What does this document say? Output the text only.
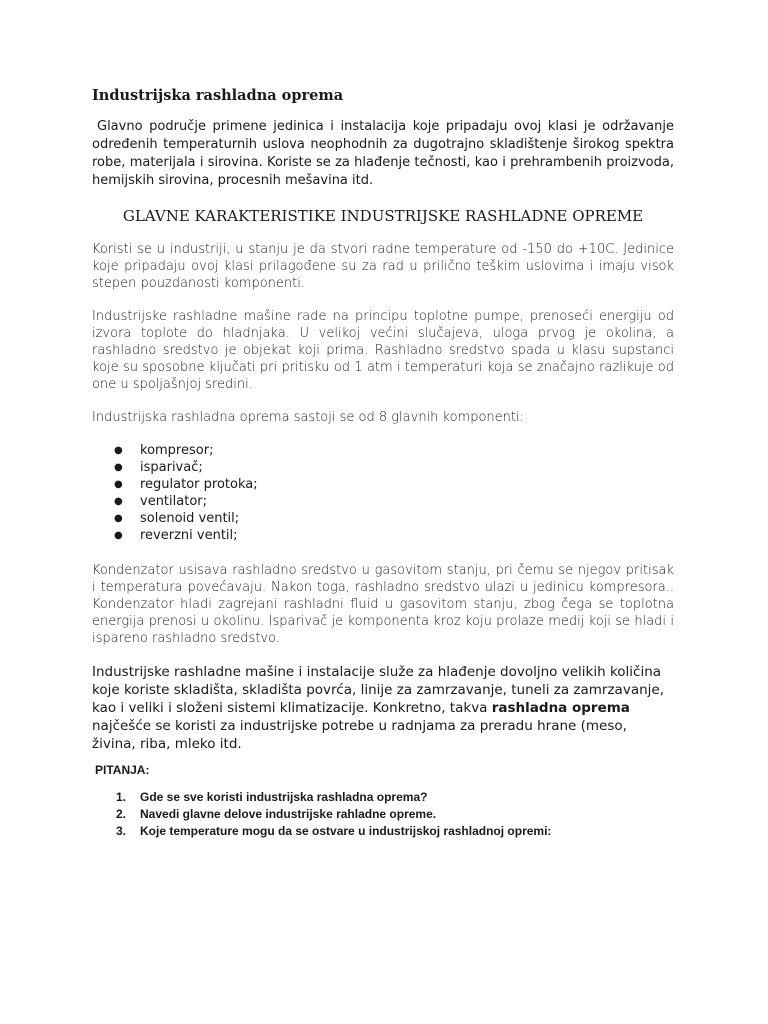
Industrijska rashladna oprema

Glavno područje primene jedinica i instalacija koje pripadaju ovoj klasi je održavanje određenih temperaturnih uslova neophodnih za dugotrajno skladištenje širokog spektra robe, materijala i sirovina. Koriste se za hlađenje tečnosti, kao i prehrambenih proizvoda, hemijskih sirovina, procesnih mešavina itd.

GLAVNE KARAKTERISTIKE INDUSTRIJSKE RASHLADNE OPREME

Koristi se u industriji, u stanju je da stvori radne temperature od -150 do +10C. Jedinice koje pripadaju ovoj klasi prilagođene su za rad u prilično teškim uslovima i imaju visok stepen pouzdanosti komponenti.

Industrijske rashladne mašine rade na principu toplotne pumpe, prenoseći energiju od izvora toplote do hladnjaka. U velikoj većini slučajeva, uloga prvog je okolina, a rashladno sredstvo je objekat koji prima. Rashladno sredstvo spada u klasu supstanci koje su sposobne ključati pri pritisku od 1 atm i temperaturi koja se značajno razlikuje od one u spoljašnjoj sredini.

Industrijska rashladna oprema sastoji se od 8 glavnih komponenti:

● kompresor;
● isparivač;
● regulator protoka;
● ventilator;
● solenoid ventil;
● reverzni ventil;

Kondenzator usisava rashladno sredstvo u gasovitom stanju, pri čemu se njegov pritisak i temperatura povećavaju. Nakon toga, rashladno sredstvo ulazi u jedinicu kompresora.. Kondenzator hladi zagrejani rashladni fluid u gasovitom stanju, zbog čega se toplotna energija prenosi u okolinu. Isparivač je komponenta kroz koju prolaze medij koji se hladi i ispareno rashladno sredstvo.

Industrijske rashladne mašine i instalacije služe za hlađenje dovoljno velikih količina koje koriste skladišta, skladišta povrća, linije za zamrzavanje, tuneli za zamrzavanje, kao i veliki i složeni sistemi klimatizacije. Konkretno, takva rashladna oprema najčešće se koristi za industrijske potrebe u radnjama za preradu hrane (meso, živina, riba, mleko itd.

PITANJA:
1. Gde se sve koristi industrijska rashladna oprema?
2. Navedi glavne delove industrijske rahladne opreme.
3. Koje temperature mogu da se ostvare u industrijskoj rashladnoj opremi:
